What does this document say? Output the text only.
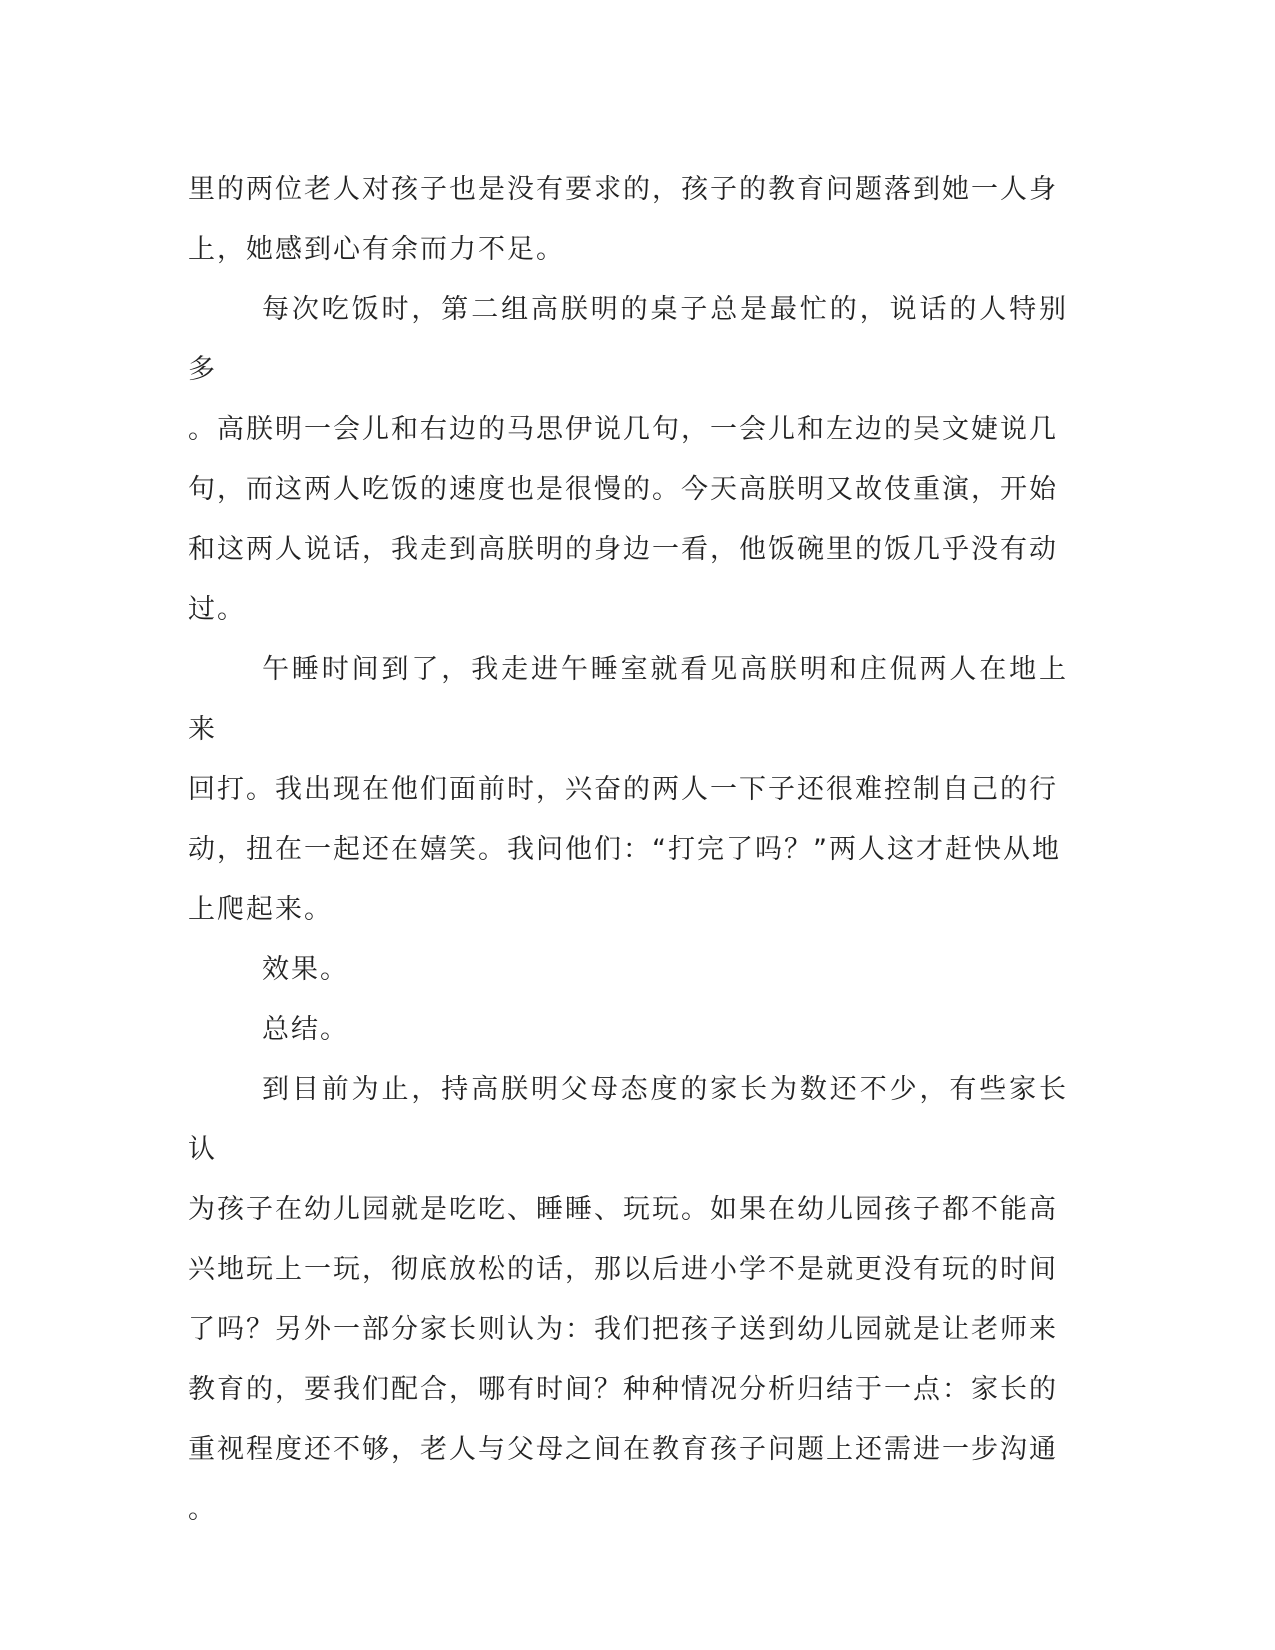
里的两位老人对孩子也是没有要求的，孩子的教育问题落到她一人身
上，她感到心有余而力不足。

每次吃饭时，第二组高朕明的桌子总是最忙的，说话的人特别多
。高朕明一会儿和右边的马思伊说几句，一会儿和左边的吴文婕说几
句，而这两人吃饭的速度也是很慢的。今天高朕明又故伎重演，开始
和这两人说话，我走到高朕明的身边一看，他饭碗里的饭几乎没有动
过。

午睡时间到了，我走进午睡室就看见高朕明和庄侃两人在地上来
回打。我出现在他们面前时，兴奋的两人一下子还很难控制自己的行
动，扭在一起还在嬉笑。我问他们：“打完了吗？”两人这才赶快从地
上爬起来。

效果。

总结。

到目前为止，持高朕明父母态度的家长为数还不少，有些家长认
为孩子在幼儿园就是吃吃、睡睡、玩玩。如果在幼儿园孩子都不能高
兴地玩上一玩，彻底放松的话，那以后进小学不是就更没有玩的时间
了吗？另外一部分家长则认为：我们把孩子送到幼儿园就是让老师来
教育的，要我们配合，哪有时间？种种情况分析归结于一点：家长的
重视程度还不够，老人与父母之间在教育孩子问题上还需进一步沟通
。
